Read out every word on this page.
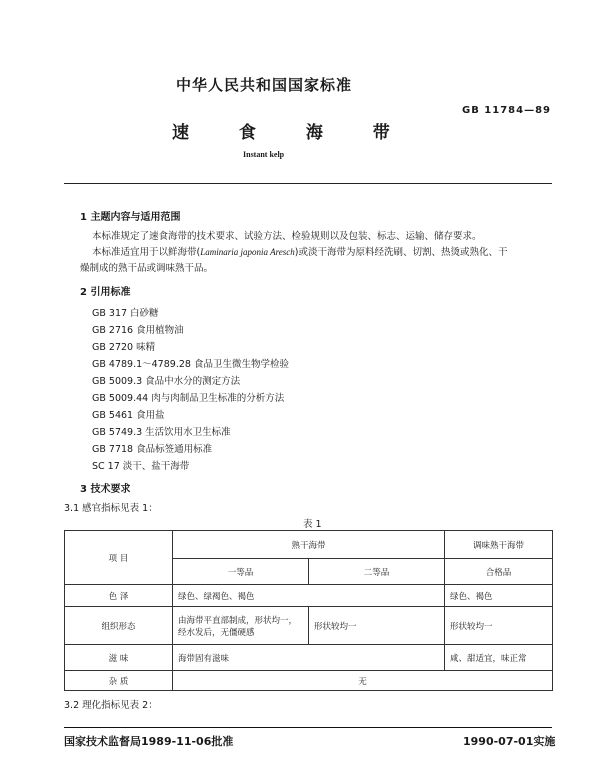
中华人民共和国国家标准
GB 11784—89
速 食 海 带
Instant kelp
1 主题内容与适用范围
本标准规定了速食海带的技术要求、试验方法、检验规则以及包装、标志、运输、储存要求。
本标准适宜用于以鲜海带(Laminaria japonia Aresch)或淡干海带为原料经洗刷、切割、热烫或熟化、干
燥制成的熟干品或调味熟干品。
2 引用标准
GB 317 白砂糖
GB 2716 食用植物油
GB 2720 味精
GB 4789.1～4789.28 食品卫生微生物学检验
GB 5009.3 食品中水分的测定方法
GB 5009.44 肉与肉制品卫生标准的分析方法
GB 5461 食用盐
GB 5749.3 生活饮用水卫生标准
GB 7718 食品标签通用标准
SC 17 淡干、盐干海带
3 技术要求
3.1 感官指标见表 1：
表 1
项 目	熟干海带		调味熟干海带
	一等品	二等品	合格品
色 泽	绿色、绿褐色、褐色		绿色、褐色
组织形态	由海带平直部制成，形状均一，
经水发后，无僵硬感	形状较均一	形状较均一
滋 味	海带固有滋味		咸、甜适宜，味正常
杂 质	无		
3.2 理化指标见表 2：
国家技术监督局1989-11-06批准	1990-07-01实施
